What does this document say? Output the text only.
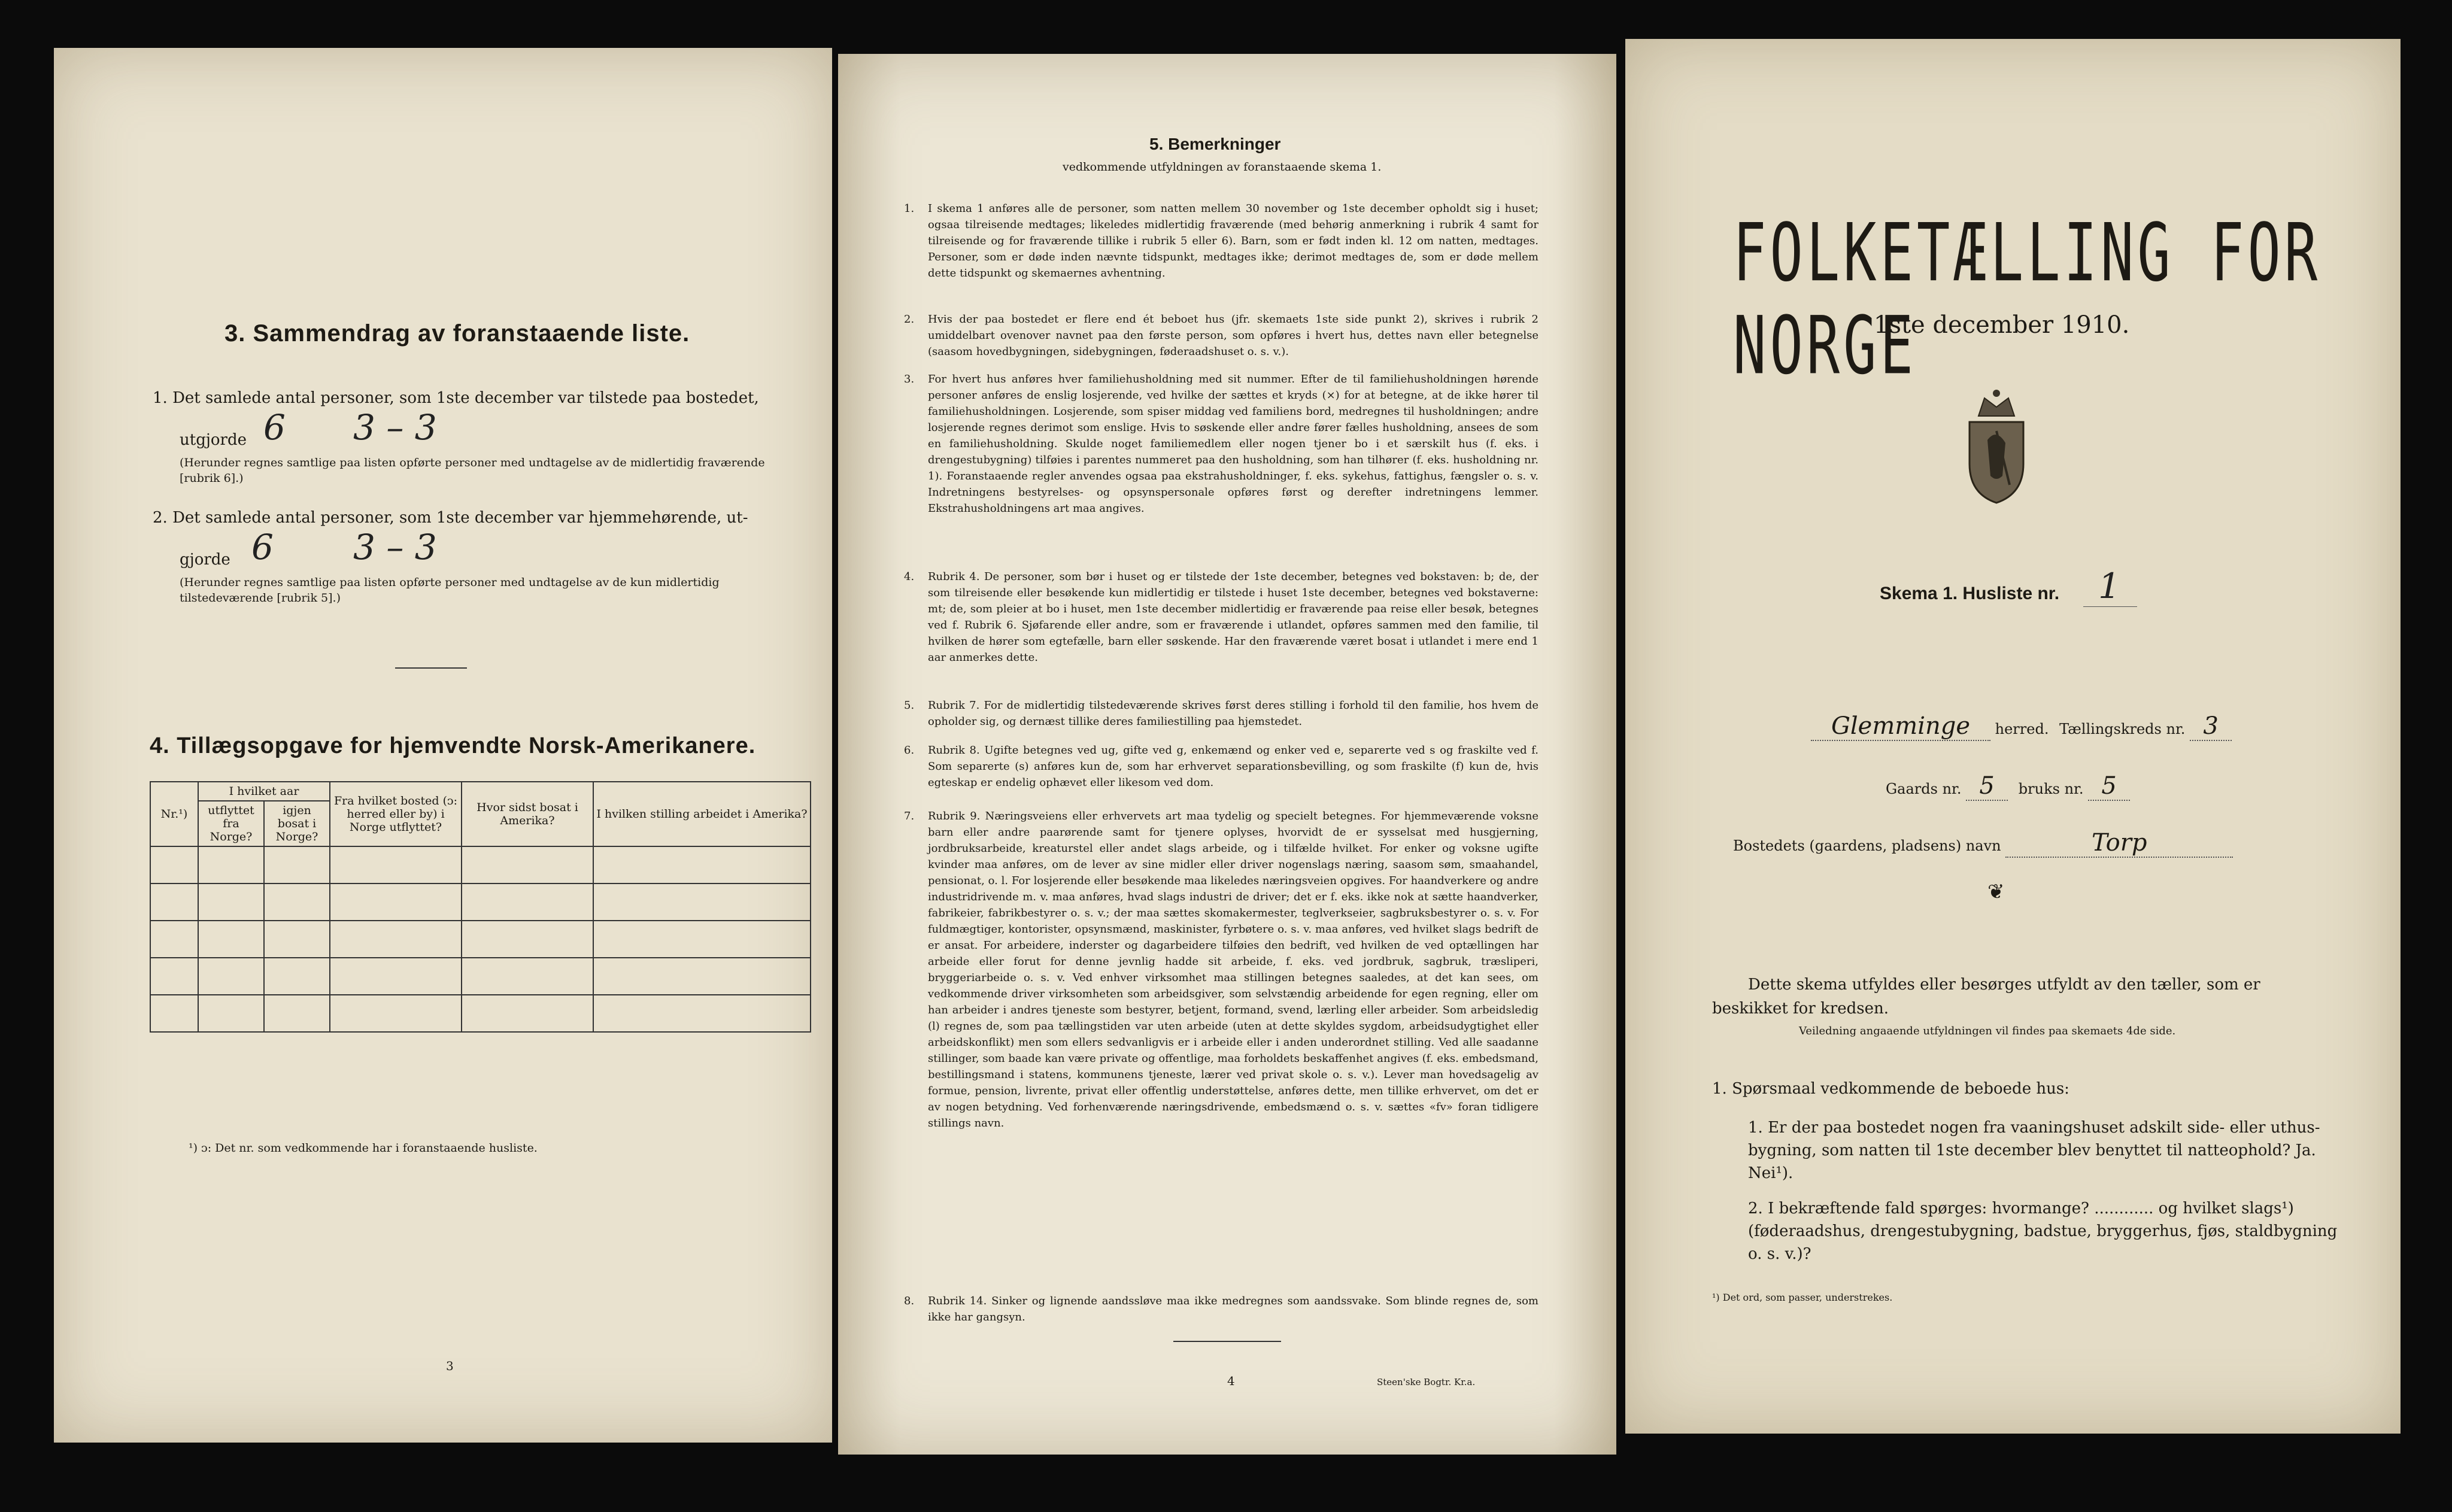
3. Sammendrag av foranstaaende liste.
1. Det samlede antal personer, som 1ste december var tilstede paa bostedet,
utgjorde 6 3 – 3
(Herunder regnes samtlige paa listen opførte personer med undtagelse av de midlertidig fraværende [rubrik 6].)
2. Det samlede antal personer, som 1ste december var hjemmehørende, ut-
gjorde 6 3 – 3
(Herunder regnes samtlige paa listen opførte personer med undtagelse av de kun midlertidig tilstedeværende [rubrik 5].)
4. Tillægsopgave for hjemvendte Norsk-Amerikanere.
Nr.¹)	I hvilket aar		Fra hvilket bosted (ᴐ: herred eller by) i Norge utflyttet?	Hvor sidst bosat i Amerika?	I hvilken stilling arbeidet i Amerika?
	utflyttet fra Norge?	igjen bosat i Norge?			

¹) ᴐ: Det nr. som vedkommende har i foranstaaende husliste.
3
5. Bemerkninger
vedkommende utfyldningen av foranstaaende skema 1.
1. I skema 1 anføres alle de personer, som natten mellem 30 november og 1ste december opholdt sig i huset; ogsaa tilreisende medtages; likeledes midlertidig fraværende (med behørig anmerkning i rubrik 4 samt for tilreisende og for fraværende tillike i rubrik 5 eller 6). Barn, som er født inden kl. 12 om natten, medtages. Personer, som er døde inden nævnte tidspunkt, medtages ikke; derimot medtages de, som er døde mellem dette tidspunkt og skemaernes avhentning.
2. Hvis der paa bostedet er flere end ét beboet hus (jfr. skemaets 1ste side punkt 2), skrives i rubrik 2 umiddelbart ovenover navnet paa den første person, som opføres i hvert hus, dettes navn eller betegnelse (saasom hovedbygningen, sidebygningen, føderaadshuset o. s. v.).
3. For hvert hus anføres hver familiehusholdning med sit nummer. Efter de til familiehusholdningen hørende personer anføres de enslig losjerende, ved hvilke der sættes et kryds (×) for at betegne, at de ikke hører til familiehusholdningen. Losjerende, som spiser middag ved familiens bord, medregnes til husholdningen; andre losjerende regnes derimot som enslige. Hvis to søskende eller andre fører fælles husholdning, ansees de som en familiehusholdning. Skulde noget familiemedlem eller nogen tjener bo i et særskilt hus (f. eks. i drengestubygning) tilføies i parentes nummeret paa den husholdning, som han tilhører (f. eks. husholdning nr. 1). Foranstaaende regler anvendes ogsaa paa ekstrahusholdninger, f. eks. sykehus, fattighus, fængsler o. s. v. Indretningens bestyrelses- og opsynspersonale opføres først og derefter indretningens lemmer. Ekstrahusholdningens art maa angives.
4. Rubrik 4. De personer, som bør i huset og er tilstede der 1ste december, betegnes ved bokstaven: b; de, der som tilreisende eller besøkende kun midlertidig er tilstede i huset 1ste december, betegnes ved bokstaverne: mt; de, som pleier at bo i huset, men 1ste december midlertidig er fraværende paa reise eller besøk, betegnes ved f. Rubrik 6. Sjøfarende eller andre, som er fraværende i utlandet, opføres sammen med den familie, til hvilken de hører som egtefælle, barn eller søskende. Har den fraværende været bosat i utlandet i mere end 1 aar anmerkes dette.
5. Rubrik 7. For de midlertidig tilstedeværende skrives først deres stilling i forhold til den familie, hos hvem de opholder sig, og dernæst tillike deres familiestilling paa hjemstedet.
6. Rubrik 8. Ugifte betegnes ved ug, gifte ved g, enkemænd og enker ved e, separerte ved s og fraskilte ved f. Som separerte (s) anføres kun de, som har erhvervet separationsbevilling, og som fraskilte (f) kun de, hvis egteskap er endelig ophævet eller likesom ved dom.
7. Rubrik 9. Næringsveiens eller erhvervets art maa tydelig og specielt betegnes. For hjemmeværende voksne barn eller andre paarørende samt for tjenere oplyses, hvorvidt de er sysselsat med husgjerning, jordbruksarbeide, kreaturstel eller andet slags arbeide, og i tilfælde hvilket. For enker og voksne ugifte kvinder maa anføres, om de lever av sine midler eller driver nogenslags næring, saasom søm, smaahandel, pensionat, o. l. For losjerende eller besøkende maa likeledes næringsveien opgives. For haandverkere og andre industridrivende m. v. maa anføres, hvad slags industri de driver; det er f. eks. ikke nok at sætte haandverker, fabrikeier, fabrikbestyrer o. s. v.; der maa sættes skomakermester, teglverkseier, sagbruksbestyrer o. s. v. For fuldmægtiger, kontorister, opsynsmænd, maskinister, fyrbøtere o. s. v. maa anføres, ved hvilket slags bedrift de er ansat. For arbeidere, inderster og dagarbeidere tilføies den bedrift, ved hvilken de ved optællingen har arbeide eller forut for denne jevnlig hadde sit arbeide, f. eks. ved jordbruk, sagbruk, træsliperi, bryggeriarbeide o. s. v. Ved enhver virksomhet maa stillingen betegnes saaledes, at det kan sees, om vedkommende driver virksomheten som arbeidsgiver, som selvstændig arbeidende for egen regning, eller om han arbeider i andres tjeneste som bestyrer, betjent, formand, svend, lærling eller arbeider. Som arbeidsledig (l) regnes de, som paa tællingstiden var uten arbeide (uten at dette skyldes sygdom, arbeidsudygtighet eller arbeidskonflikt) men som ellers sedvanligvis er i arbeide eller i anden underordnet stilling. Ved alle saadanne stillinger, som baade kan være private og offentlige, maa forholdets beskaffenhet angives (f. eks. embedsmand, bestillingsmand i statens, kommunens tjeneste, lærer ved privat skole o. s. v.). Lever man hovedsagelig av formue, pension, livrente, privat eller offentlig understøttelse, anføres dette, men tillike erhvervet, om det er av nogen betydning. Ved forhenværende næringsdrivende, embedsmænd o. s. v. sættes «fv» foran tidligere stillings navn.
8. Rubrik 14. Sinker og lignende aandssløve maa ikke medregnes som aandssvake. Som blinde regnes de, som ikke har gangsyn.
4	Steen'ske Bogtr. Kr.a.
FOLKETÆLLING FOR NORGE
1ste december 1910.
Skema 1. Husliste nr. 1
Glemminge herred. Tællingskreds nr. 3
Gaards nr. 5 bruks nr. 5
Bostedets (gaardens, pladsens) navn	Torp
❦
Dette skema utfyldes eller besørges utfyldt av den tæller, som er beskikket for kredsen.
Veiledning angaaende utfyldningen vil findes paa skemaets 4de side.
1. Spørsmaal vedkommende de beboede hus:
1. Er der paa bostedet nogen fra vaaningshuset adskilt side- eller uthus-bygning, som natten til 1ste december blev benyttet til natteophold? Ja. Nei¹).
2. I bekræftende fald spørges: hvormange? ............ og hvilket slags¹) (føderaadshus, drengestubygning, badstue, bryggerhus, fjøs, staldbygning o. s. v.)?
¹) Det ord, som passer, understrekes.
